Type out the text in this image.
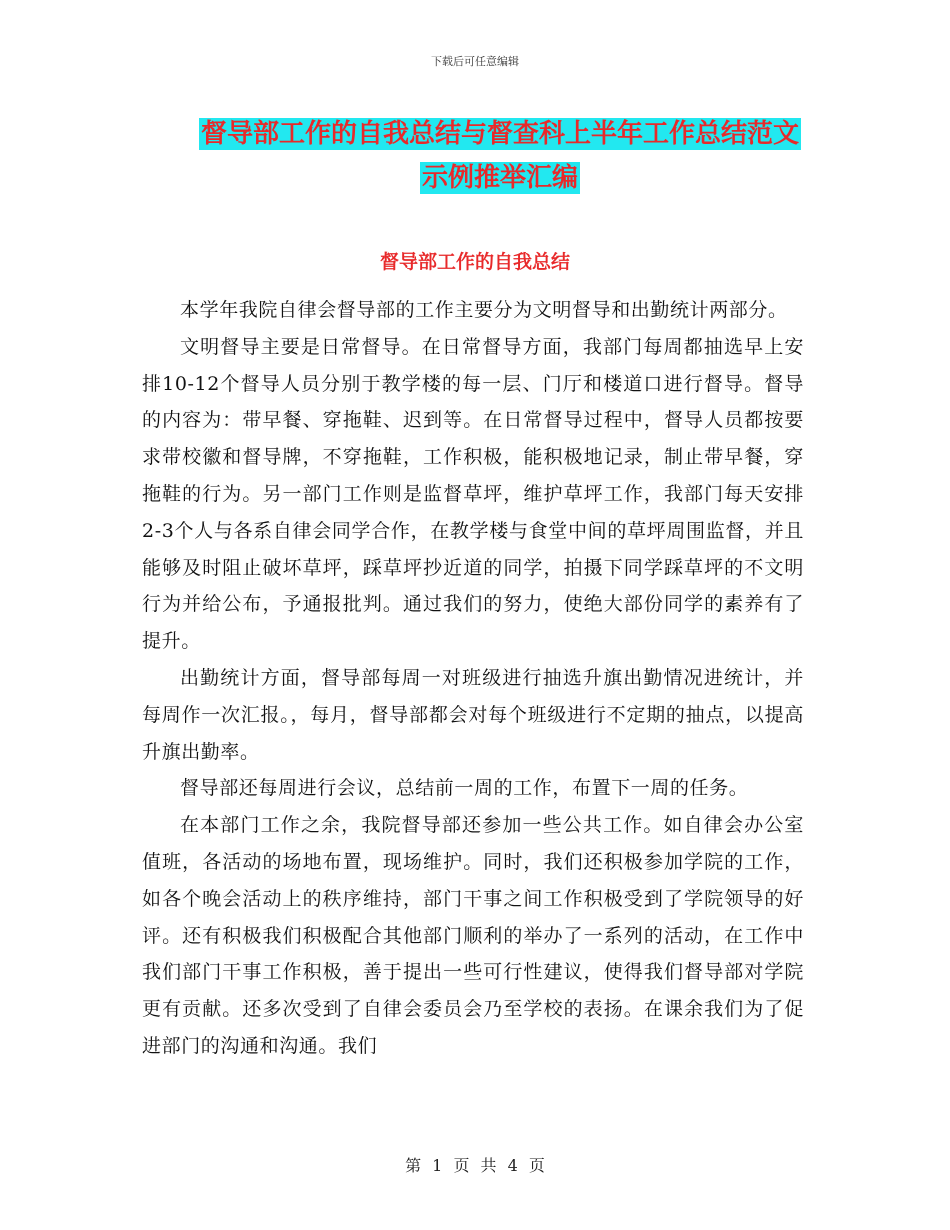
下载后可任意编辑
督导部工作的自我总结与督查科上半年工作总结范文
示例推举汇编
督导部工作的自我总结

本学年我院自律会督导部的工作主要分为文明督导和出勤统计两部分。

文明督导主要是日常督导。在日常督导方面，我部门每周都抽选早上安排10-12个督导人员分别于教学楼的每一层、门厅和楼道口进行督导。督导的内容为：带早餐、穿拖鞋、迟到等。在日常督导过程中，督导人员都按要求带校徽和督导牌，不穿拖鞋，工作积极，能积极地记录，制止带早餐，穿拖鞋的行为。另一部门工作则是监督草坪，维护草坪工作，我部门每天安排2-3个人与各系自律会同学合作，在教学楼与食堂中间的草坪周围监督，并且能够及时阻止破坏草坪，踩草坪抄近道的同学，拍摄下同学踩草坪的不文明行为并给公布，予通报批判。通过我们的努力，使绝大部份同学的素养有了提升。

出勤统计方面，督导部每周一对班级进行抽选升旗出勤情况进统计，并每周作一次汇报。，每月，督导部都会对每个班级进行不定期的抽点，以提高升旗出勤率。

督导部还每周进行会议，总结前一周的工作，布置下一周的任务。

在本部门工作之余，我院督导部还参加一些公共工作。如自律会办公室值班，各活动的场地布置，现场维护。同时，我们还积极参加学院的工作，如各个晚会活动上的秩序维持，部门干事之间工作积极受到了学院领导的好评。还有积极我们积极配合其他部门顺利的举办了一系列的活动，在工作中我们部门干事工作积极，善于提出一些可行性建议，使得我们督导部对学院更有贡献。还多次受到了自律会委员会乃至学校的表扬。在课余我们为了促进部门的沟通和沟通。我们

第 1 页 共 4 页
